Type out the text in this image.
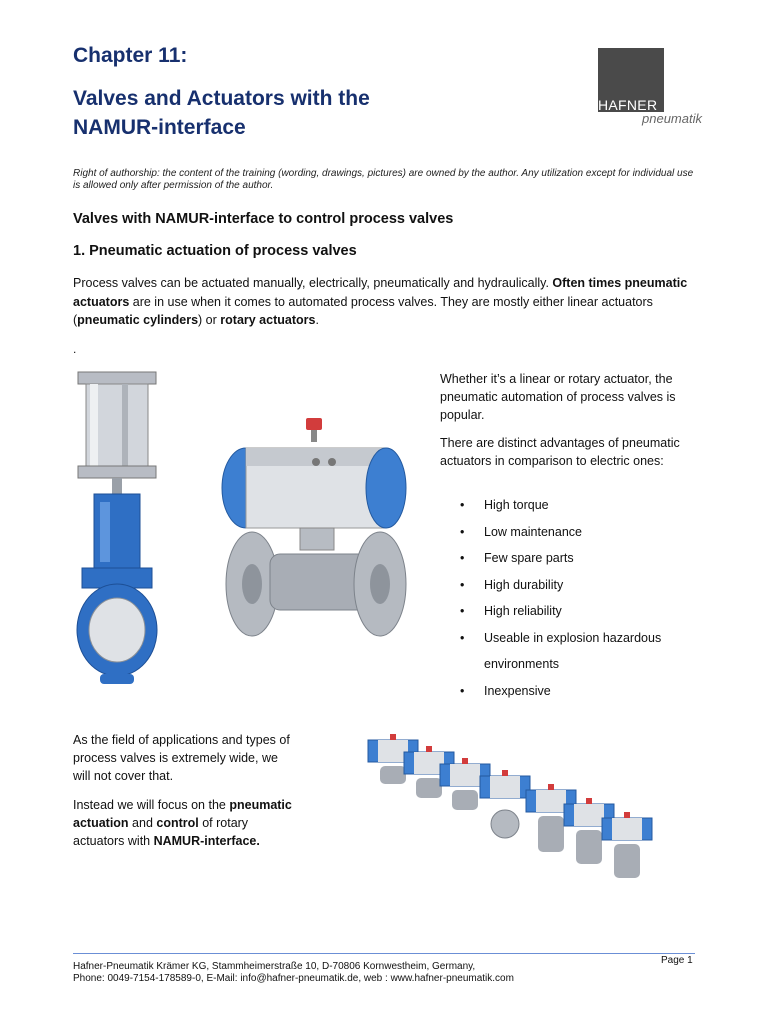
Chapter 11:
Valves and Actuators with the
NAMUR-interface
HAFNER
pneumatik
Right of authorship: the content of the training (wording, drawings, pictures) are owned by the author. Any utilization except for individual use is allowed only after permission of the author.
Valves with NAMUR-interface to control process valves
1. Pneumatic actuation of process valves
Process valves can be actuated manually, electrically, pneumatically and hydraulically. Often times pneumatic actuators are in use when it comes to automated process valves. They are mostly either linear actuators (pneumatic cylinders) or rotary actuators.
.
Whether it’s a linear or rotary actuator, the pneumatic automation of process valves is popular.
There are distinct advantages of pneumatic actuators in comparison to electric ones:
• High torque
• Low maintenance
• Few spare parts
• High durability
• High reliability
• Useable in explosion hazardous environments
• Inexpensive
As the field of applications and types of process valves is extremely wide, we will not cover that.
Instead we will focus on the pneumatic actuation and control of rotary actuators with NAMUR-interface.
Page 1
Hafner-Pneumatik Krämer KG, Stammheimerstraße 10, D-70806 Kornwestheim, Germany,
Phone: 0049-7154-178589-0, E-Mail: info@hafner-pneumatik.de, web : www.hafner-pneumatik.com
